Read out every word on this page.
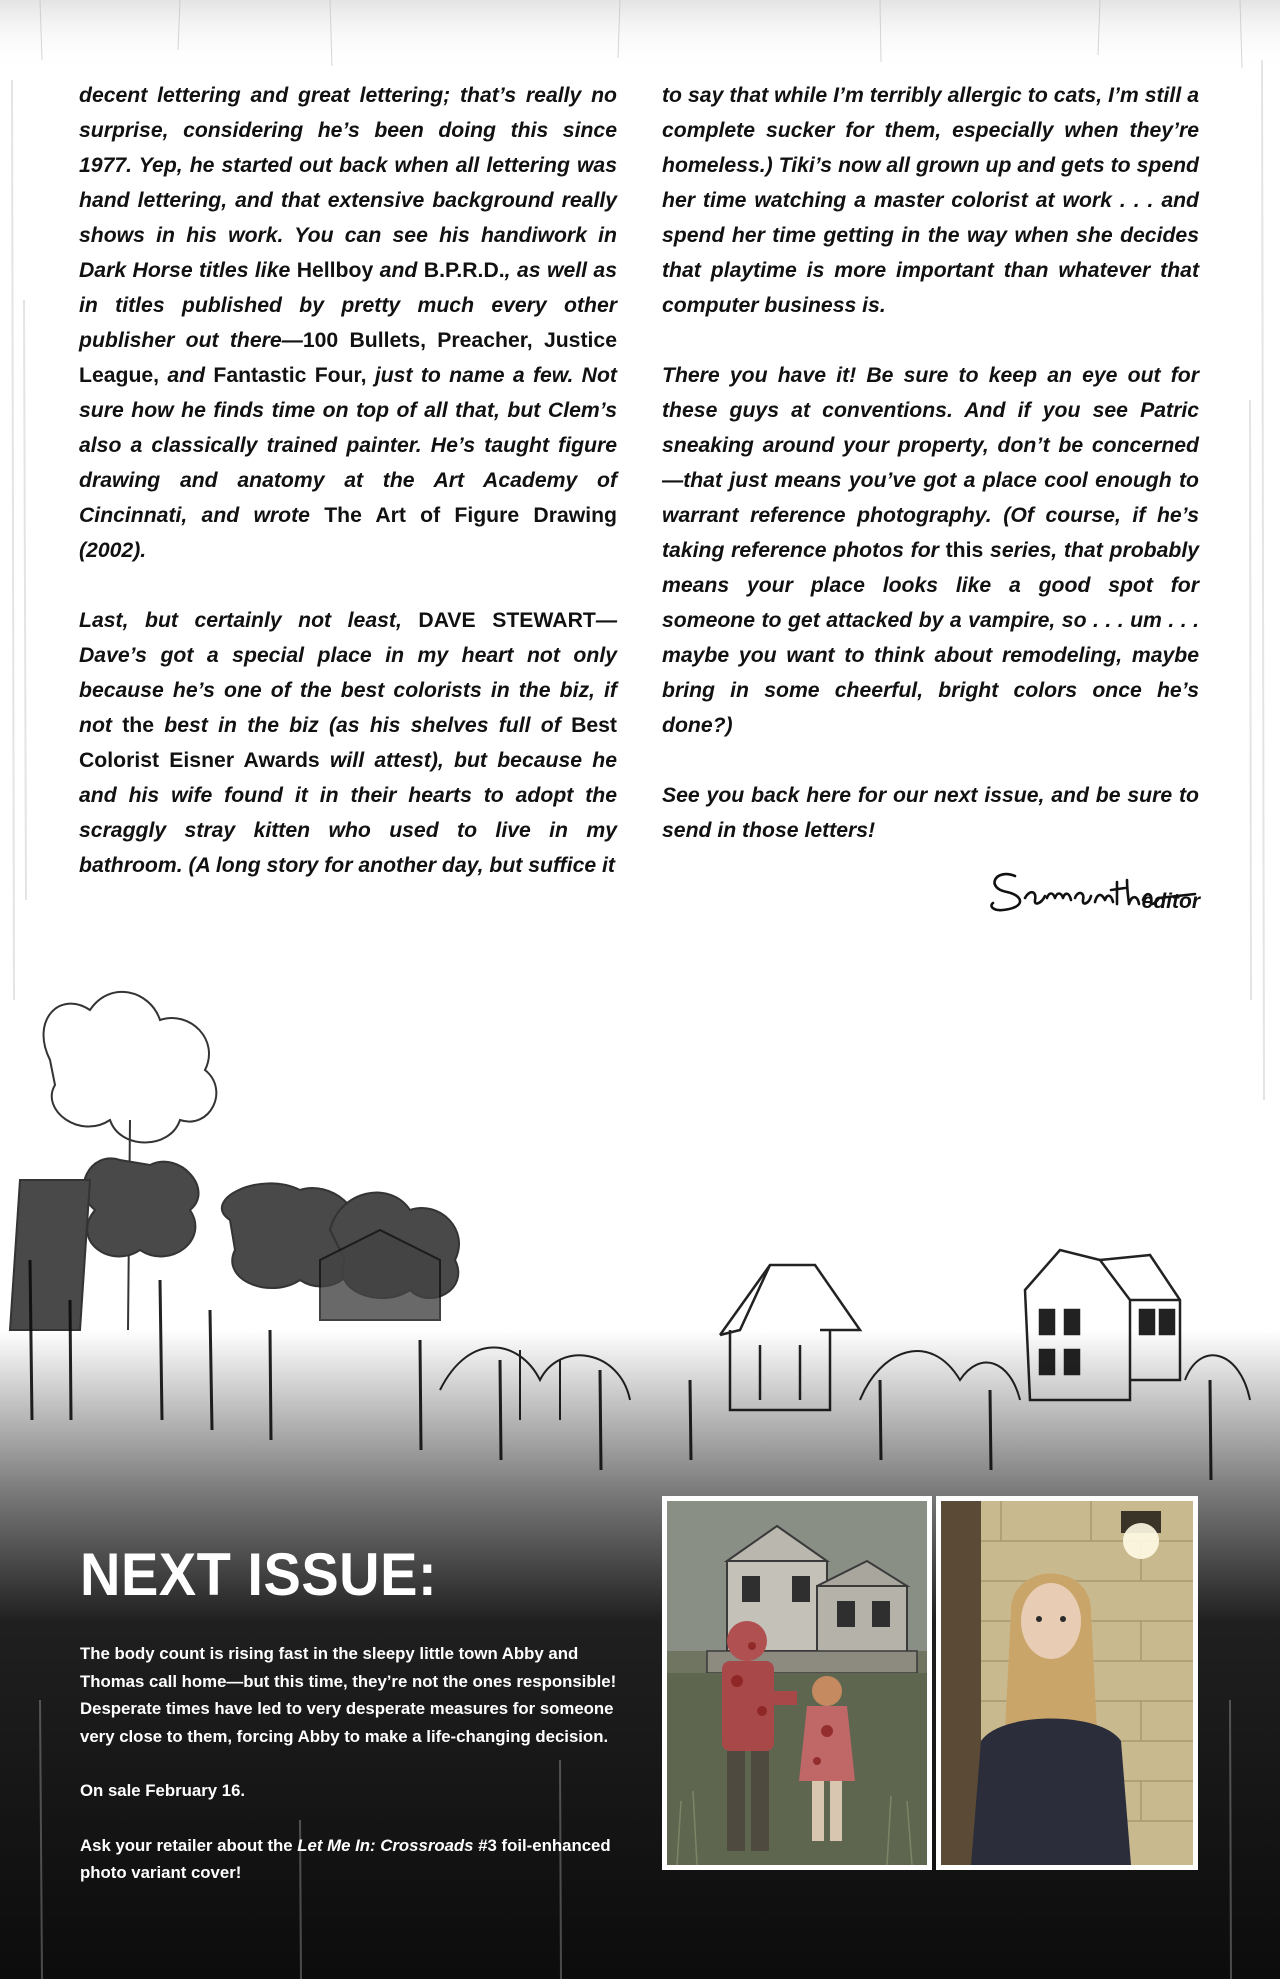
decent lettering and great lettering; that’s really no surprise, considering he’s been doing this since 1977. Yep, he started out back when all lettering was hand lettering, and that extensive background really shows in his work. You can see his handiwork in Dark Horse titles like Hellboy and B.P.R.D., as well as in titles published by pretty much every other publisher out there—100 Bullets, Preacher, Justice League, and Fantastic Four, just to name a few. Not sure how he finds time on top of all that, but Clem’s also a classically trained painter. He’s taught figure drawing and anatomy at the Art Academy of Cincinnati, and wrote The Art of Figure Drawing (2002).

Last, but certainly not least, DAVE STEWART—Dave’s got a special place in my heart not only because he’s one of the best colorists in the biz, if not the best in the biz (as his shelves full of Best Colorist Eisner Awards will attest), but because he and his wife found it in their hearts to adopt the scraggly stray kitten who used to live in my bathroom. (A long story for another day, but suffice it

to say that while I’m terribly allergic to cats, I’m still a complete sucker for them, especially when they’re homeless.) Tiki’s now all grown up and gets to spend her time watching a master colorist at work . . . and spend her time getting in the way when she decides that playtime is more important than whatever that computer business is.

There you have it! Be sure to keep an eye out for these guys at conventions. And if you see Patric sneaking around your property, don’t be concerned—that just means you’ve got a place cool enough to warrant reference photography. (Of course, if he’s taking reference photos for this series, that probably means your place looks like a good spot for someone to get attacked by a vampire, so . . . um . . . maybe you want to think about remodeling, maybe bring in some cheerful, bright colors once he’s done?)

See you back here for our next issue, and be sure to send in those letters!

editor
NEXT ISSUE:

The body count is rising fast in the sleepy little town Abby and Thomas call home—but this time, they’re not the ones responsible! Desperate times have led to very desperate measures for someone very close to them, forcing Abby to make a life-changing decision.

On sale February 16.

Ask your retailer about the Let Me In: Crossroads #3 foil-enhanced photo variant cover!
